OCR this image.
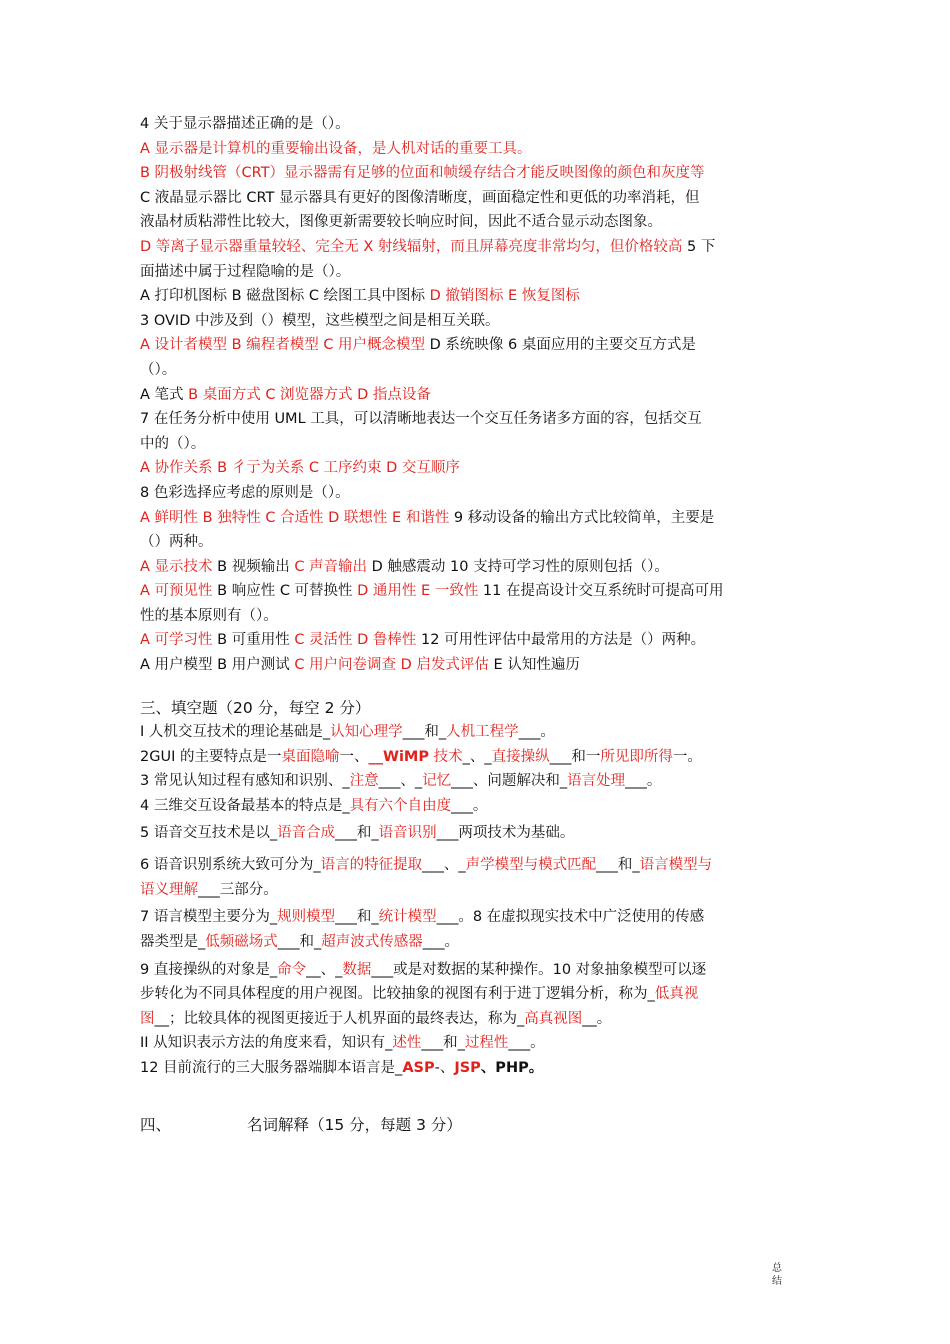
4 关于显示器描述正确的是（）。
A 显示器是计算机的重要输出设备，是人机对话的重要工具。
B 阴极射线管（CRT）显示器需有足够的位面和帧缓存结合才能反映图像的颜色和灰度等
C 液晶显示器比 CRT 显示器具有更好的图像清晰度，画面稳定性和更低的功率消耗，但
液晶材质粘滞性比较大，图像更新需要较长响应时间，因此不适合显示动态图象。
D 等离子显示器重量较轻、完全无 X 射线辐射，而且屏幕亮度非常均匀，但价格较高 5 下
面描述中属于过程隐喻的是（）。
A 打印机图标 B 磁盘图标 C 绘图工具中图标 D 撤销图标 E 恢复图标
3 OVID 中涉及到（）模型，这些模型之间是相互关联。
A 设计者模型 B 编程者模型 C 用户概念模型 D 系统映像 6 桌面应用的主要交互方式是
（）。
A 笔式 B 桌面方式 C 浏览器方式 D 指点设备
7 在任务分析中使用 UML 工具，可以清晰地表达一个交互任务诸多方面的容，包括交互
中的（）。
A 协作关系 B 彳亍为关系 C 工序约束 D 交互顺序
8 色彩选择应考虑的原则是（）。
A 鲜明性 B 独特性 C 合适性 D 联想性 E 和谐性 9 移动设备的输出方式比较简单，主要是
（）两种。
A 显示技术 B 视频输出 C 声音输出 D 触感震动 10 支持可学习性的原则包括（）。
A 可预见性 B 响应性 C 可替换性 D 通用性 E 一致性 11 在提高设计交互系统时可提高可用
性的基本原则有（）。
A 可学习性 B 可重用性 C 灵活性 D 鲁棒性 12 可用性评估中最常用的方法是（）两种。
A 用户模型 B 用户测试 C 用户问卷调查 D 启发式评估 E 认知性遍历
三、填空题（20 分，每空 2 分）
I 人机交互技术的理论基础是_认知心理学___和_人机工程学___。
2GUI 的主要特点是一桌面隐喻一、__WiMP 技术_、_直接操纵___和一所见即所得一。
3 常见认知过程有感知和识别、_注意___、_记忆___、问题解决和_语言处理___。
4 三维交互设备最基本的特点是_具有六个自由度___。
5 语音交互技术是以_语音合成___和_语音识别___两项技术为基础。
6 语音识别系统大致可分为_语言的特征提取___、_声学模型与模式匹配___和_语言模型与
语义理解___三部分。
7 语言模型主要分为_规则模型___和_统计模型___。8 在虚拟现实技术中广泛使用的传感
器类型是_低频磁场式___和_超声波式传感器___。
9 直接操纵的对象是_命令__、_数据___或是对数据的某种操作。10 对象抽象模型可以逐
步转化为不同具体程度的用户视图。比较抽象的视图有利于进丁逻辑分析，称为_低真视
图__；比较具体的视图更接近于人机界面的最终表达，称为_高真视图__。
II 从知识表示方法的角度来看，知识有_述性___和_过程性___。
12 目前流行的三大服务器端脚本语言是_ASP-、JSP、PHP。
四、	名词解释（15 分，每题 3 分）
总
结
